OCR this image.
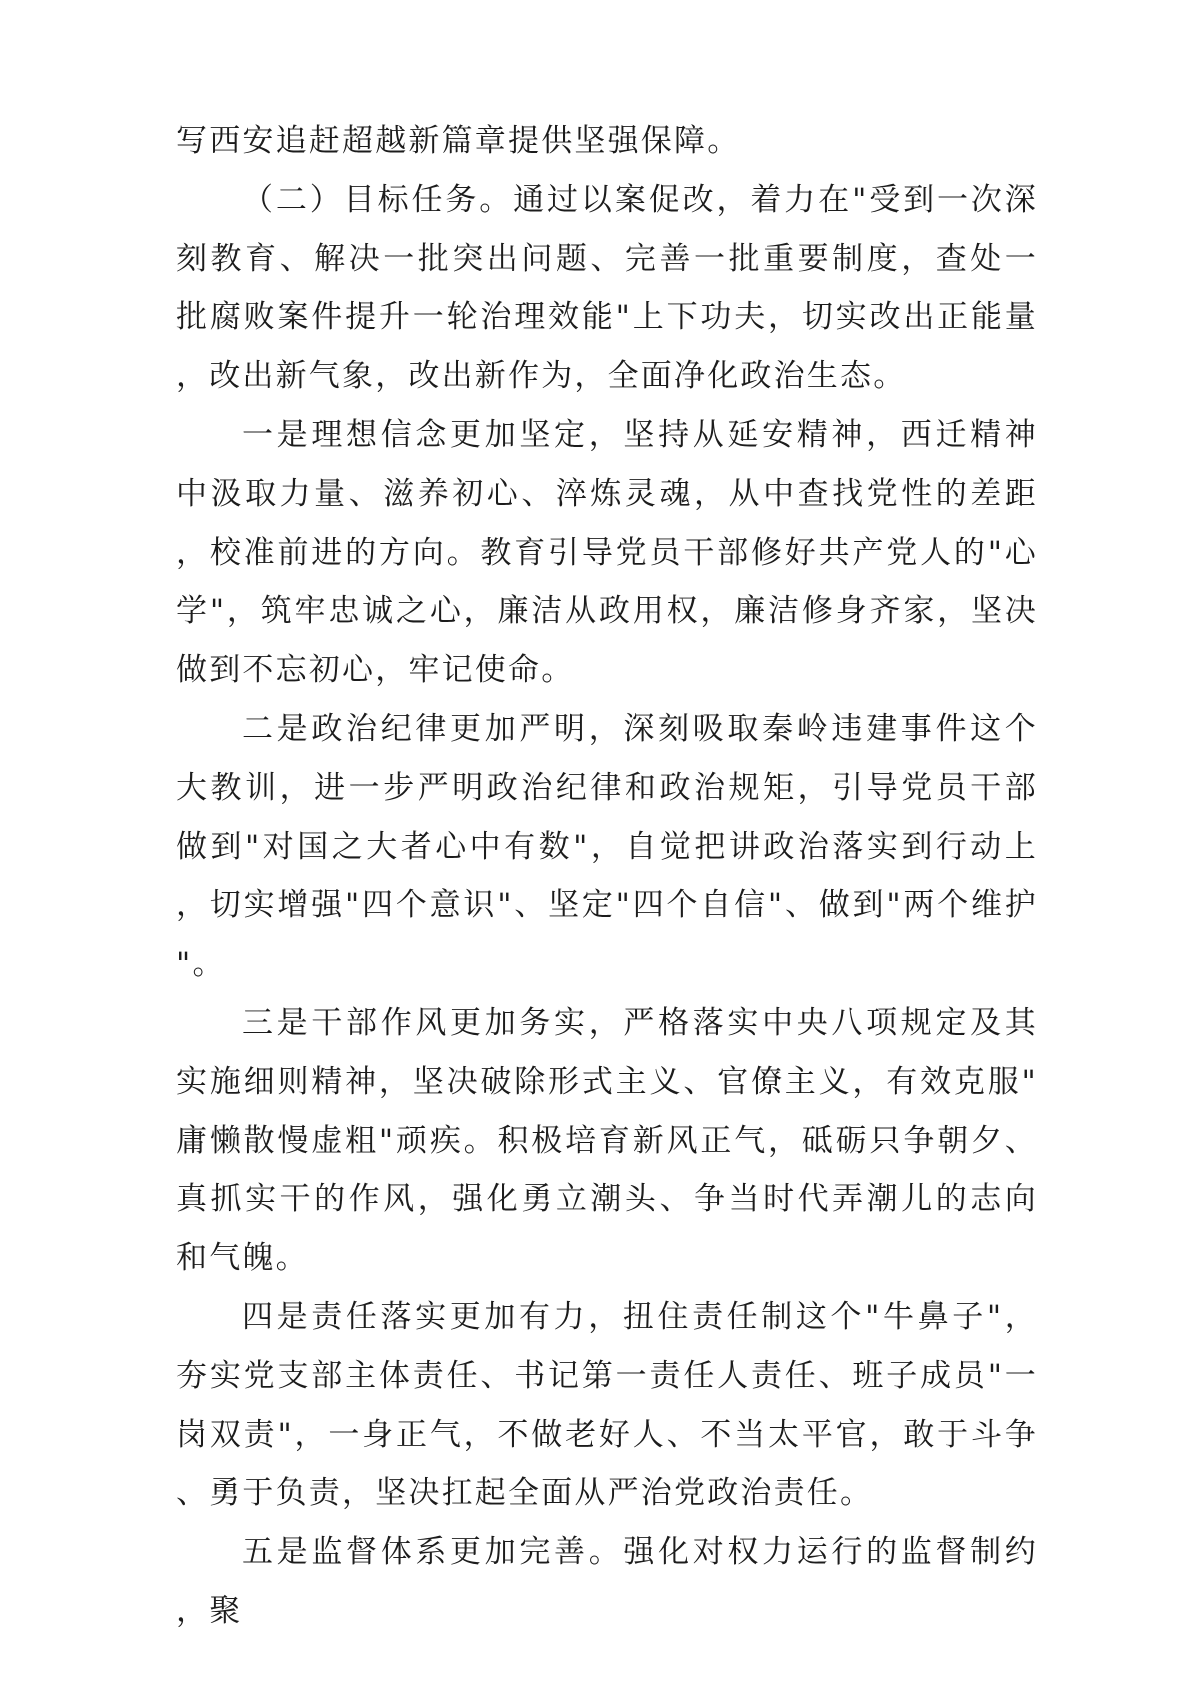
写西安追赶超越新篇章提供坚强保障。

（二）目标任务。通过以案促改，着力在"受到一次深刻教育、解决一批突出问题、完善一批重要制度，查处一批腐败案件提升一轮治理效能"上下功夫，切实改出正能量，改出新气象，改出新作为，全面净化政治生态。

一是理想信念更加坚定，坚持从延安精神，西迁精神中汲取力量、滋养初心、淬炼灵魂，从中查找党性的差距，校准前进的方向。教育引导党员干部修好共产党人的"心学"，筑牢忠诚之心，廉洁从政用权，廉洁修身齐家，坚决做到不忘初心，牢记使命。

二是政治纪律更加严明，深刻吸取秦岭违建事件这个大教训，进一步严明政治纪律和政治规矩，引导党员干部做到"对国之大者心中有数"，自觉把讲政治落实到行动上，切实增强"四个意识"、坚定"四个自信"、做到"两个维护"。

三是干部作风更加务实，严格落实中央八项规定及其实施细则精神，坚决破除形式主义、官僚主义，有效克服"庸懒散慢虚粗"顽疾。积极培育新风正气，砥砺只争朝夕、真抓实干的作风，强化勇立潮头、争当时代弄潮儿的志向和气魄。

四是责任落实更加有力，扭住责任制这个"牛鼻子"，夯实党支部主体责任、书记第一责任人责任、班子成员"一岗双责"，一身正气，不做老好人、不当太平官，敢于斗争、勇于负责，坚决扛起全面从严治党政治责任。

五是监督体系更加完善。强化对权力运行的监督制约，聚
